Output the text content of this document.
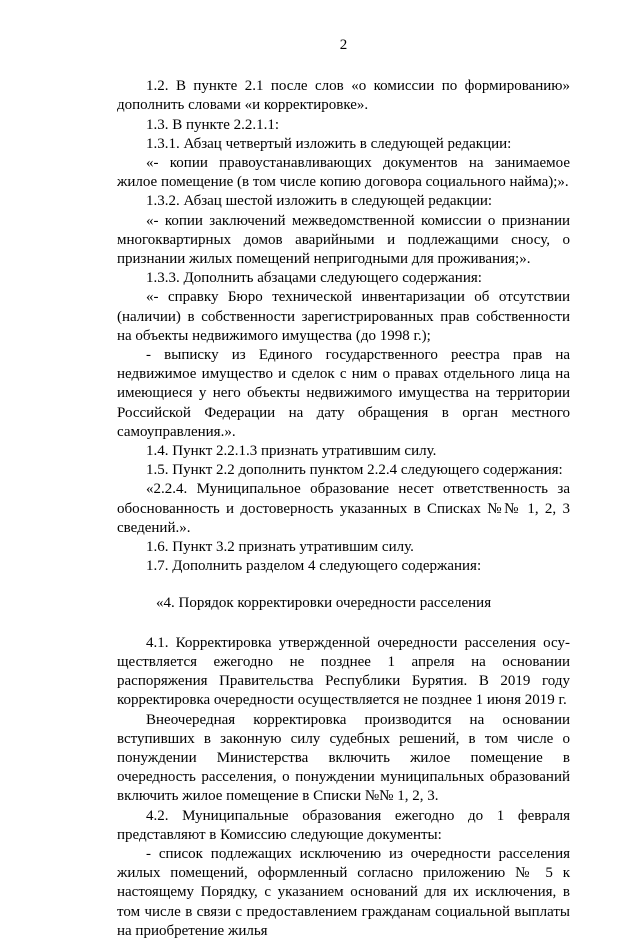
2

1.2. В пункте 2.1 после слов «о комиссии по формированию» дополнить словами «и корректировке».

1.3. В пункте 2.2.1.1:

1.3.1. Абзац четвертый изложить в следующей редакции:

«- копии правоустанавливающих документов на занимаемое жилое помещение (в том числе копию договора социального найма);».

1.3.2. Абзац шестой изложить в следующей редакции:

«- копии заключений межведомственной комиссии о признании многоквартирных домов аварийными и подлежащими сносу, о признании жилых помещений непригодными для проживания;».

1.3.3. Дополнить абзацами следующего содержания:

«- справку Бюро технической инвентаризации об отсутствии (наличии) в собственности зарегистрированных прав собственности на объекты недвижимого имущества (до 1998 г.);

- выписку из Единого государственного реестра прав на недвижимое имущество и сделок с ним о правах отдельного лица на имеющиеся у него объекты недвижимого имущества на территории Российской Федерации на дату обращения в орган местного самоуправления.».

1.4. Пункт 2.2.1.3 признать утратившим силу.

1.5. Пункт 2.2 дополнить пунктом 2.2.4 следующего содержания:

«2.2.4. Муниципальное образование несет ответственность за обоснованность и достоверность указанных в Списках №№ 1, 2, 3 сведений.».

1.6. Пункт 3.2 признать утратившим силу.

1.7. Дополнить разделом 4 следующего содержания:

«4. Порядок корректировки очередности расселения

4.1. Корректировка утвержденной очередности расселения осуществляется ежегодно не позднее 1 апреля на основании распоряжения Правительства Республики Бурятия. В 2019 году корректировка очередности осуществляется не позднее 1 июня 2019 г.

Внеочередная корректировка производится на основании вступивших в законную силу судебных решений, в том числе о понуждении Министерства включить жилое помещение в очередность расселения, о понуждении муниципальных образований включить жилое помещение в Списки №№ 1, 2, 3.

4.2. Муниципальные образования ежегодно до 1 февраля представляют в Комиссию следующие документы:

- список подлежащих исключению из очередности расселения жилых помещений, оформленный согласно приложению № 5 к настоящему Порядку, с указанием оснований для их исключения, в том числе в связи с предоставлением гражданам социальной выплаты на приобретение жилья
